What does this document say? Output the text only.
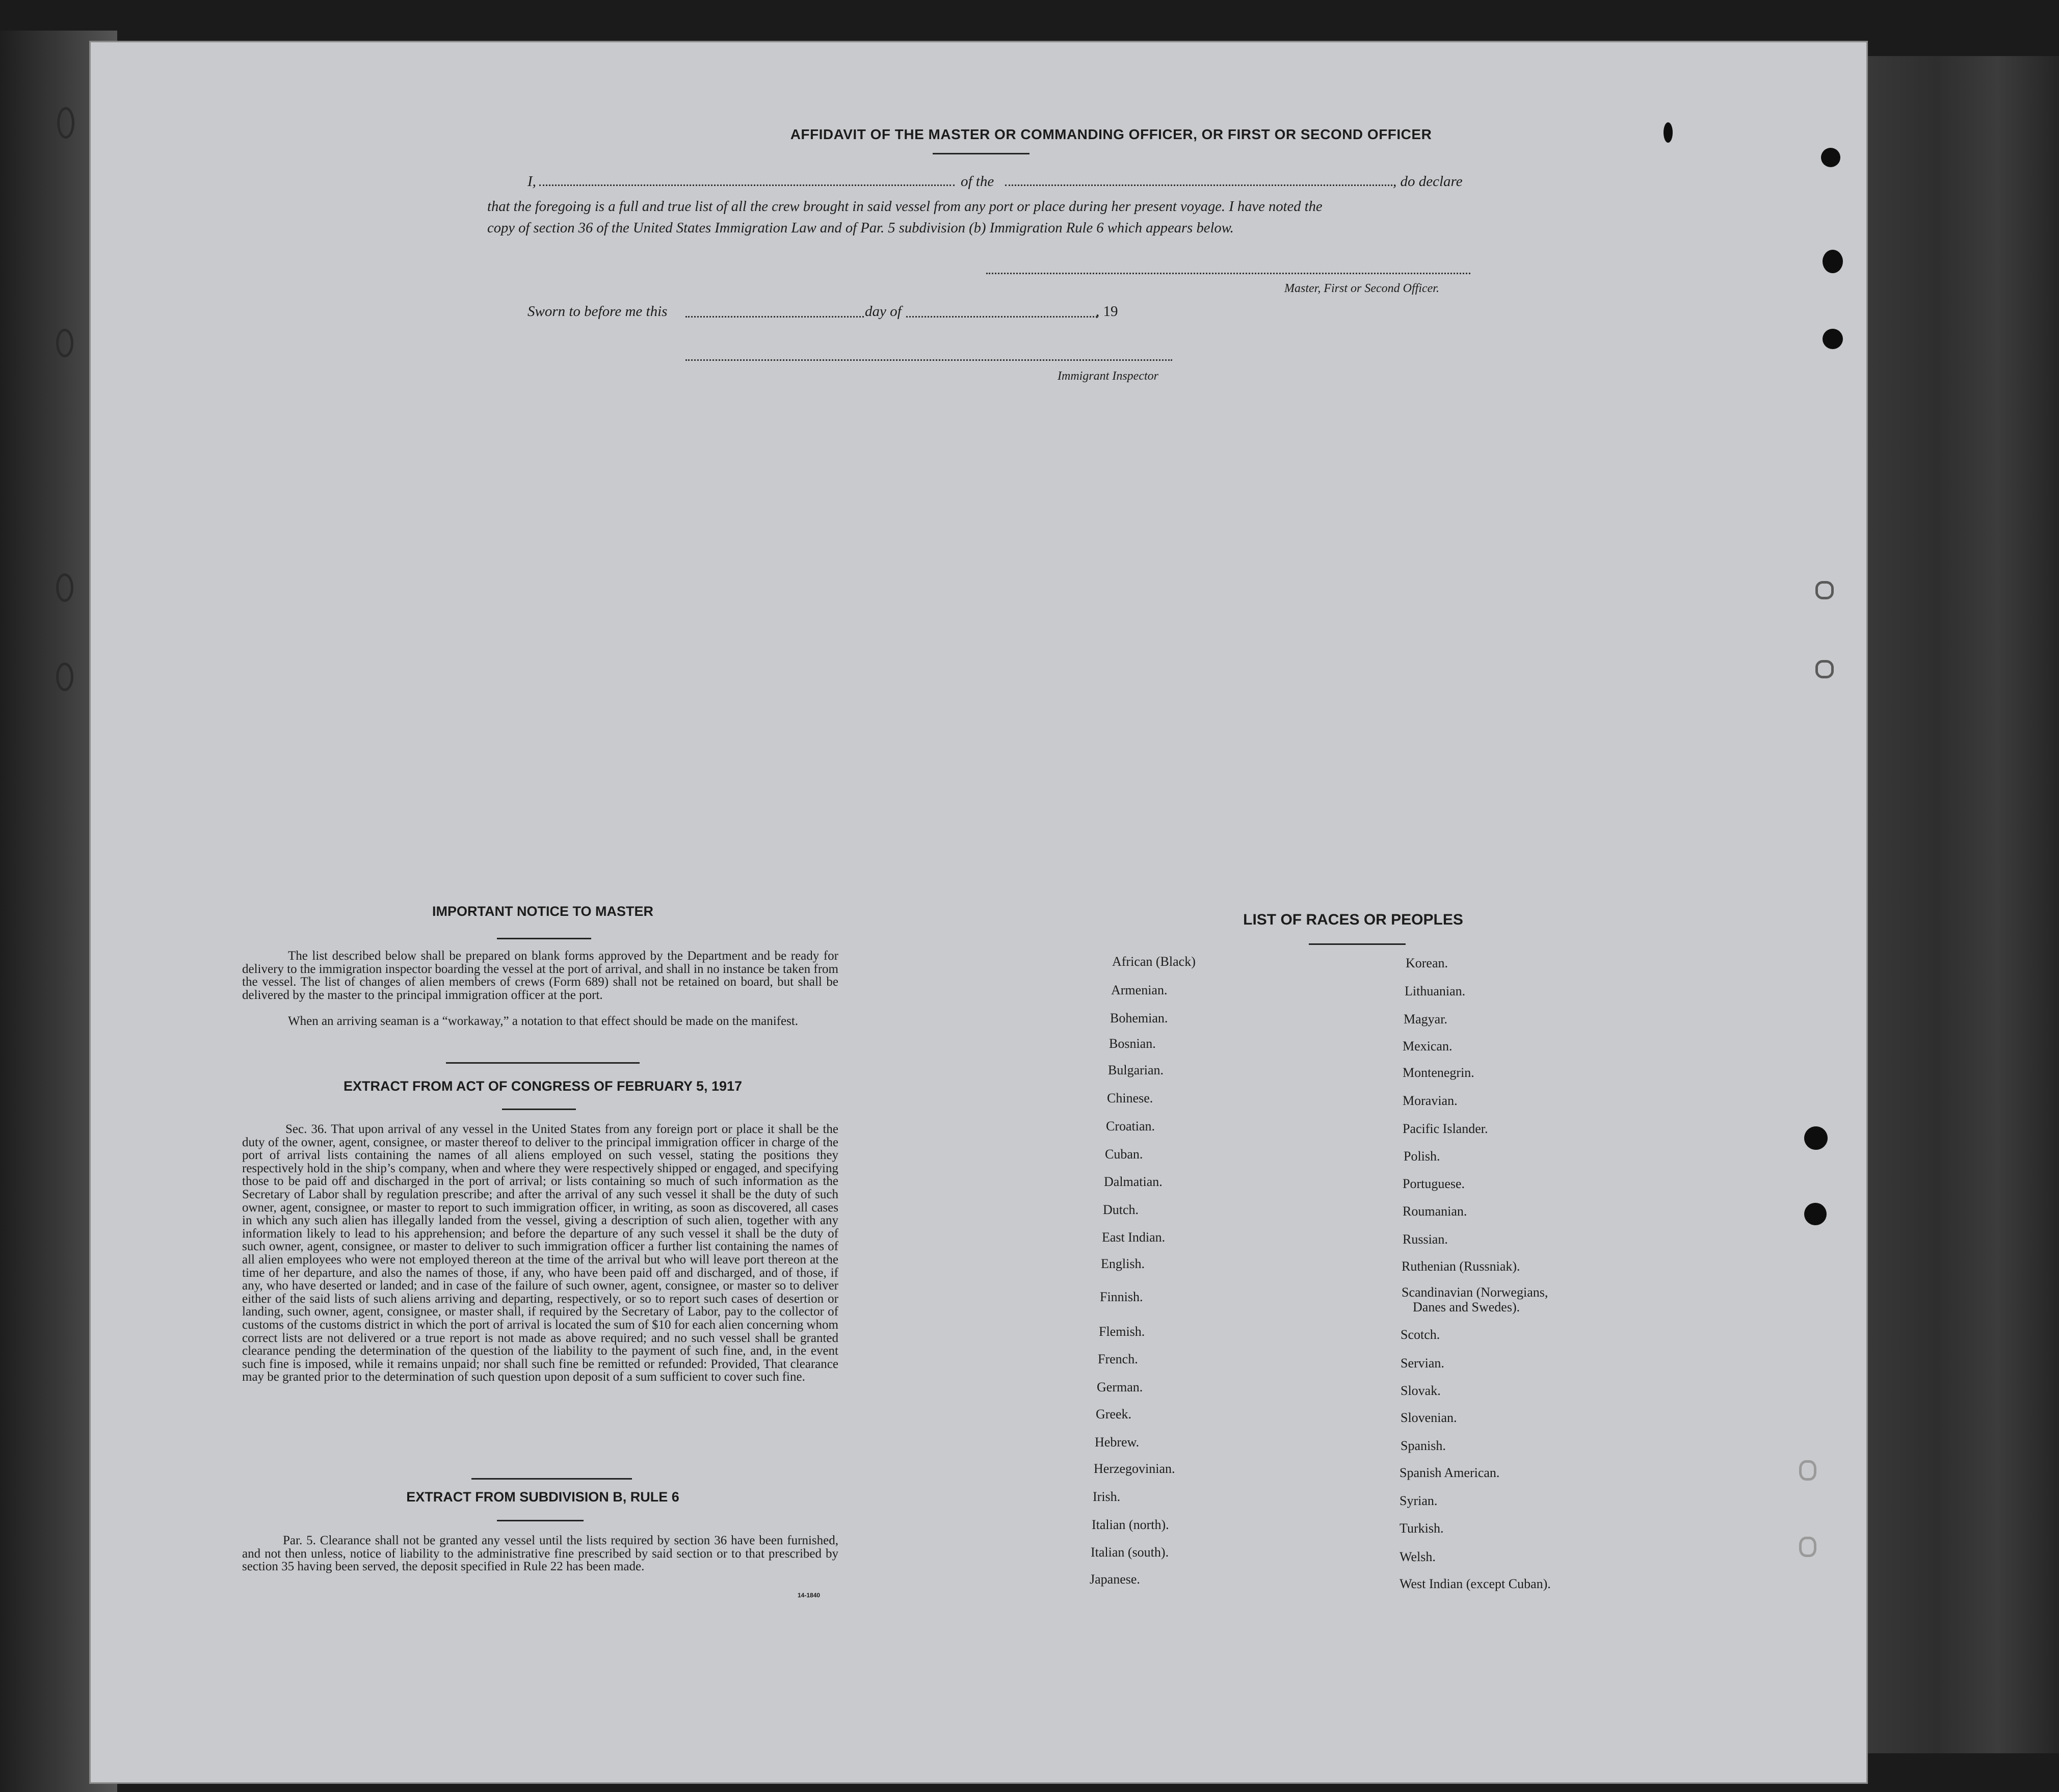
AFFIDAVIT OF THE MASTER OR COMMANDING OFFICER, OR FIRST OR SECOND OFFICER
I,	of the	, do declare
that the foregoing is a full and true list of all the crew brought in said vessel from any port or place during her present voyage. I have noted the
copy of section 36 of the United States Immigration Law and of Par. 5 subdivision (b) Immigration Rule 6 which appears below.
Master, First or Second Officer.
Sworn to before me this	day of	, 19
Immigrant Inspector
IMPORTANT NOTICE TO MASTER
The list described below shall be prepared on blank forms approved by the Department and be ready for delivery to the immigration inspector boarding the vessel at the port of arrival, and shall in no instance be taken from the vessel. The list of changes of alien members of crews (Form 689) shall not be retained on board, but shall be delivered by the master to the principal immigration officer at the port.
When an arriving seaman is a “workaway,” a notation to that effect should be made on the manifest.
EXTRACT FROM ACT OF CONGRESS OF FEBRUARY 5, 1917
Sec. 36. That upon arrival of any vessel in the United States from any foreign port or place it shall be the duty of the owner, agent, consignee, or master thereof to deliver to the principal immigration officer in charge of the port of arrival lists containing the names of all aliens employed on such vessel, stating the positions they respectively hold in the ship’s company, when and where they were respectively shipped or engaged, and specifying those to be paid off and discharged in the port of arrival; or lists containing so much of such information as the Secretary of Labor shall by regulation prescribe; and after the arrival of any such vessel it shall be the duty of such owner, agent, consignee, or master to report to such immigration officer, in writing, as soon as discovered, all cases in which any such alien has illegally landed from the vessel, giving a description of such alien, together with any information likely to lead to his apprehension; and before the departure of any such vessel it shall be the duty of such owner, agent, consignee, or master to deliver to such immigration officer a further list containing the names of all alien employees who were not employed thereon at the time of the arrival but who will leave port thereon at the time of her departure, and also the names of those, if any, who have been paid off and discharged, and of those, if any, who have deserted or landed; and in case of the failure of such owner, agent, consignee, or master so to deliver either of the said lists of such aliens arriving and departing, respectively, or so to report such cases of desertion or landing, such owner, agent, consignee, or master shall, if required by the Secretary of Labor, pay to the collector of customs of the customs district in which the port of arrival is located the sum of $10 for each alien concerning whom correct lists are not delivered or a true report is not made as above required; and no such vessel shall be granted clearance pending the determination of the question of the liability to the payment of such fine, and, in the event such fine is imposed, while it remains unpaid; nor shall such fine be remitted or refunded: Provided, That clearance may be granted prior to the determination of such question upon deposit of a sum sufficient to cover such fine.
EXTRACT FROM SUBDIVISION B, RULE 6
Par. 5. Clearance shall not be granted any vessel until the lists required by section 36 have been furnished, and not then unless, notice of liability to the administrative fine prescribed by said section or to that prescribed by section 35 having been served, the deposit specified in Rule 22 has been made.
14-1840
LIST OF RACES OR PEOPLES
African (Black)
Armenian.
Bohemian.
Bosnian.
Bulgarian.
Chinese.
Croatian.
Cuban.
Dalmatian.
Dutch.
East Indian.
English.
Finnish.
Flemish.
French.
German.
Greek.
Hebrew.
Herzegovinian.
Irish.
Italian (north).
Italian (south).
Japanese.
Korean.
Lithuanian.
Magyar.
Mexican.
Montenegrin.
Moravian.
Pacific Islander.
Polish.
Portuguese.
Roumanian.
Russian.
Ruthenian (Russniak).
Scandinavian (Norwegians,
Danes and Swedes).
Scotch.
Servian.
Slovak.
Slovenian.
Spanish.
Spanish American.
Syrian.
Turkish.
Welsh.
West Indian (except Cuban).
